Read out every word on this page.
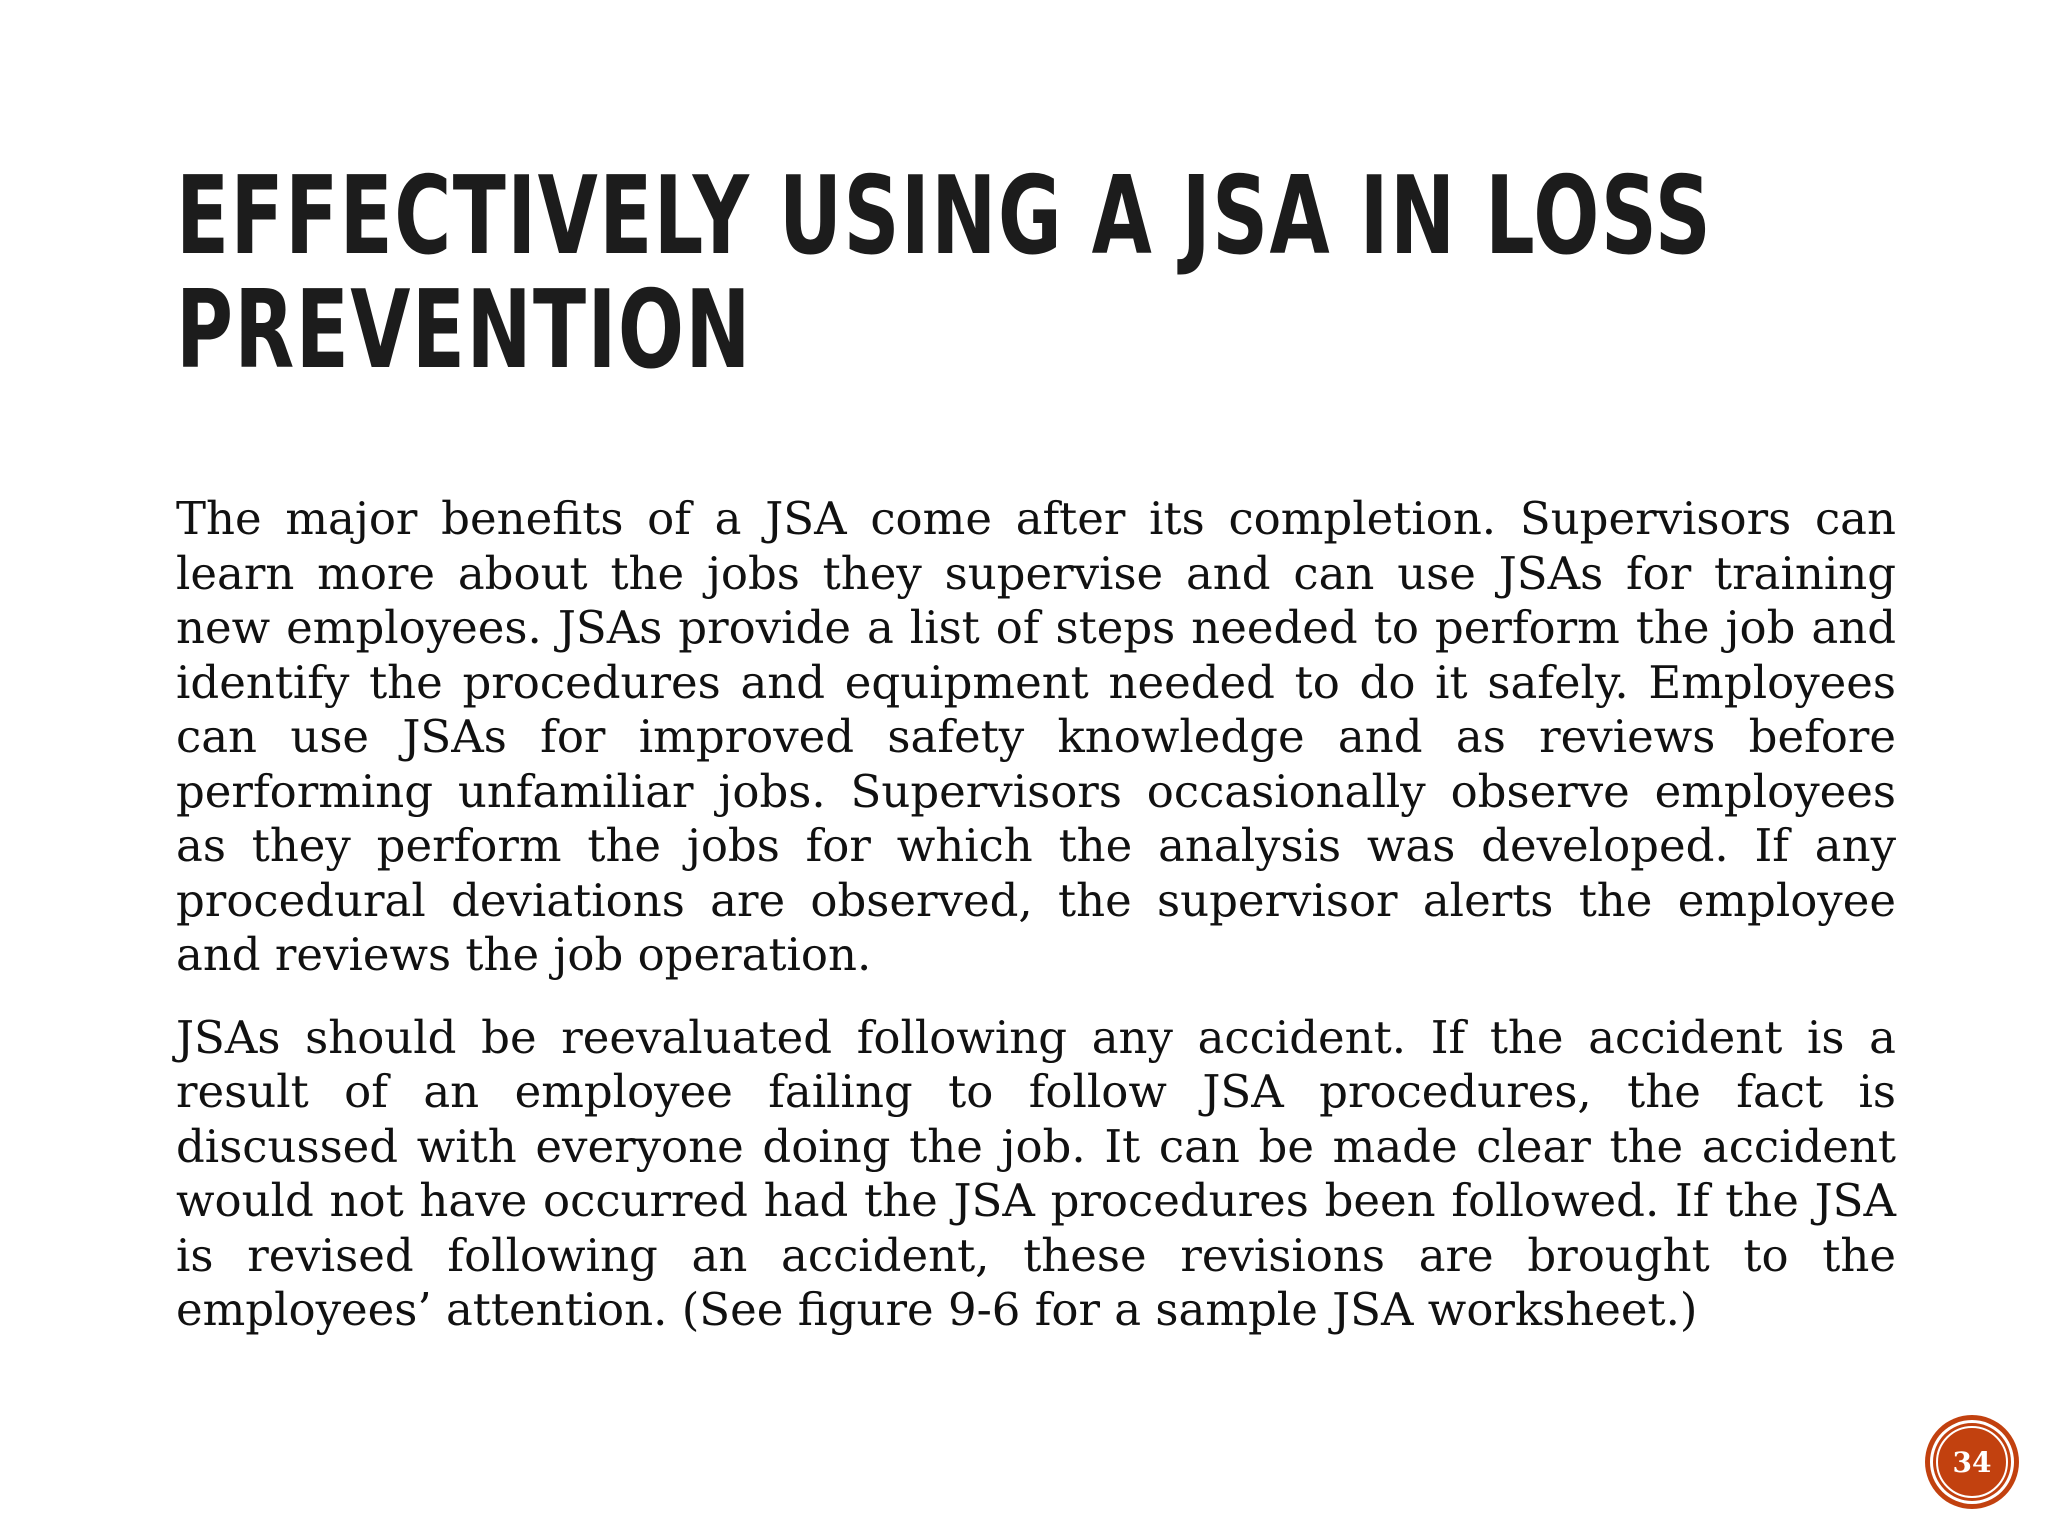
EFFECTIVELY USING A JSA IN LOSS PREVENTION

The major benefits of a JSA come after its completion. Supervisors can learn more about the jobs they supervise and can use JSAs for training new employees. JSAs provide a list of steps needed to perform the job and identify the procedures and equipment needed to do it safely. Employees can use JSAs for improved safety knowledge and as reviews before performing unfamiliar jobs. Supervisors occasionally observe employees as they perform the jobs for which the analysis was developed. If any procedural deviations are observed, the supervisor alerts the employee and reviews the job operation.

JSAs should be reevaluated following any accident. If the accident is a result of an employee failing to follow JSA procedures, the fact is discussed with everyone doing the job. It can be made clear the accident would not have occurred had the JSA procedures been followed. If the JSA is revised following an accident, these revisions are brought to the employees’ attention. (See figure 9-6 for a sample JSA worksheet.)

34
